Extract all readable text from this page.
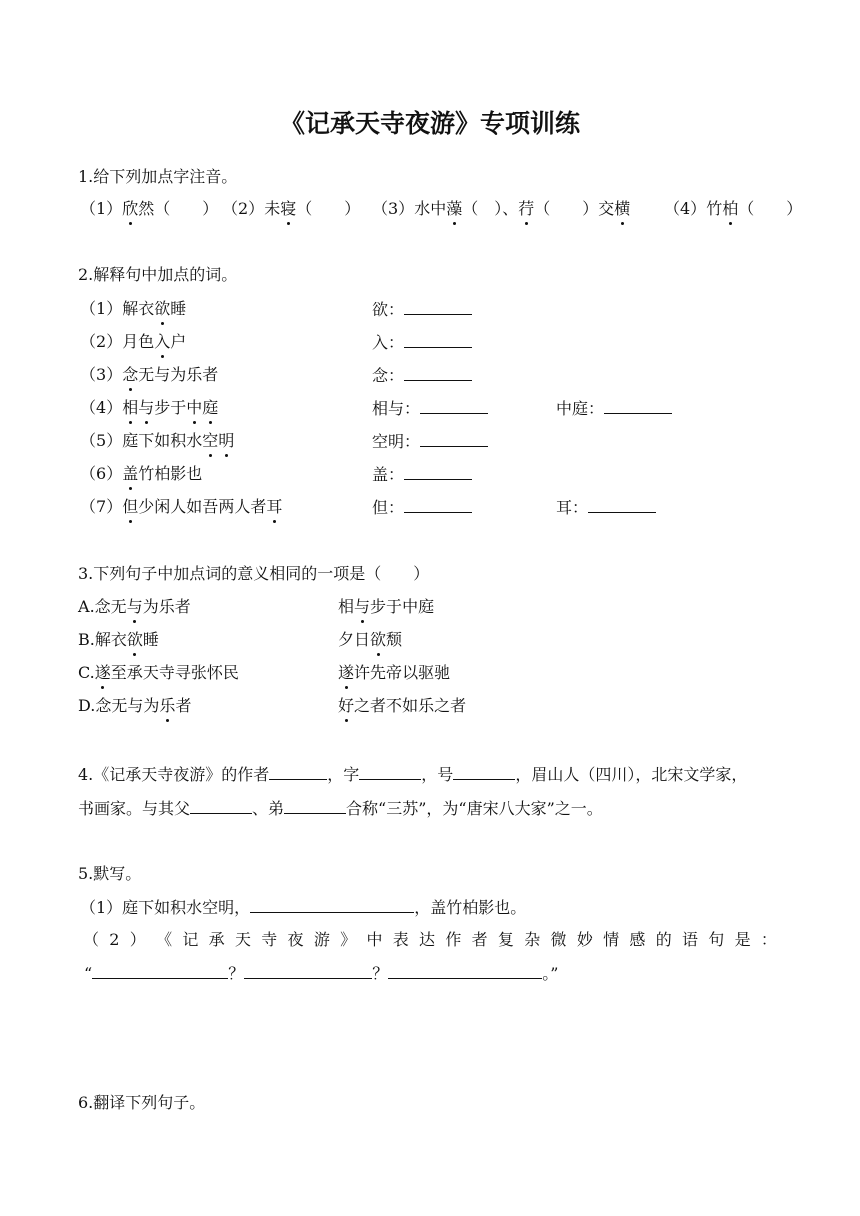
《记承天寺夜游》专项训练
1.给下列加点字注音。
（1）欣然（　　） （2）未寝（　　） （3）水中藻（　）、荇（　　）交横 （4）竹柏（　　）
2.解释句中加点的词。
（1）解衣欲睡	欲：
（2）月色入户	入：
（3）念无与为乐者	念：
（4）相与步于中庭	相与：	中庭：
（5）庭下如积水空明	空明：
（6）盖竹柏影也	盖：
（7）但少闲人如吾两人者耳	但：	耳：
3.下列句子中加点词的意义相同的一项是（　　）
A.念无与为乐者	相与步于中庭
B.解衣欲睡	夕日欲颓
C.遂至承天寺寻张怀民	遂许先帝以驱驰
D.念无与为乐者	好之者不如乐之者
4.《记承天寺夜游》的作者	，字	，号	，眉山人（四川），北宋文学家，
书画家。与其父	、弟	合称“三苏”，为“唐宋八大家”之一。
5.默写。
（1）庭下如积水空明，	，盖竹柏影也。
（ 2 ） 《 记 承 天 寺 夜 游 》 中 表 达 作 者 复 杂 微 妙 情 感 的 语 句 是 ：
“	？	？	。”
6.翻译下列句子。
